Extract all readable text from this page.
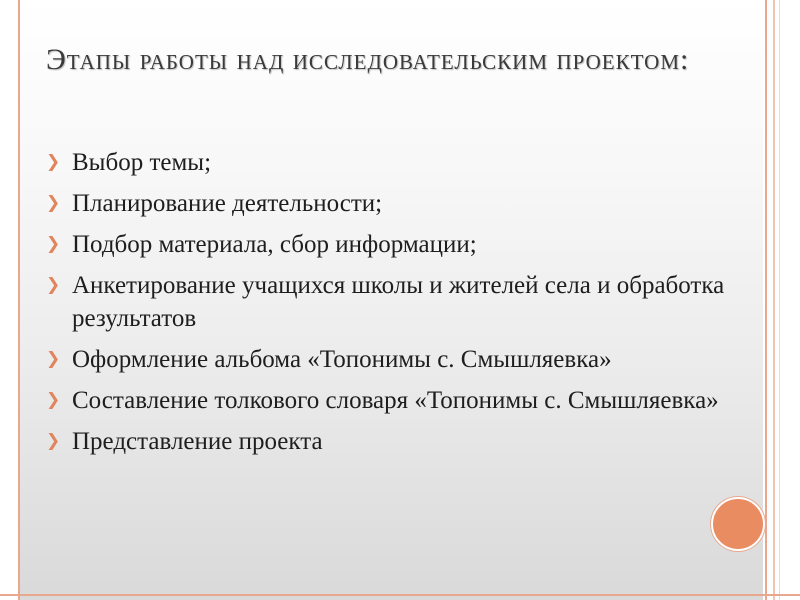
Этапы работы над исследовательским проектом:
❯ Выбор темы;
❯ Планирование деятельности;
❯ Подбор материала, сбор информации;
❯ Анкетирование учащихся школы и жителей села и обработка результатов
❯ Оформление альбома «Топонимы с. Смышляевка»
❯ Составление толкового словаря «Топонимы с. Смышляевка»
❯ Представление проекта
